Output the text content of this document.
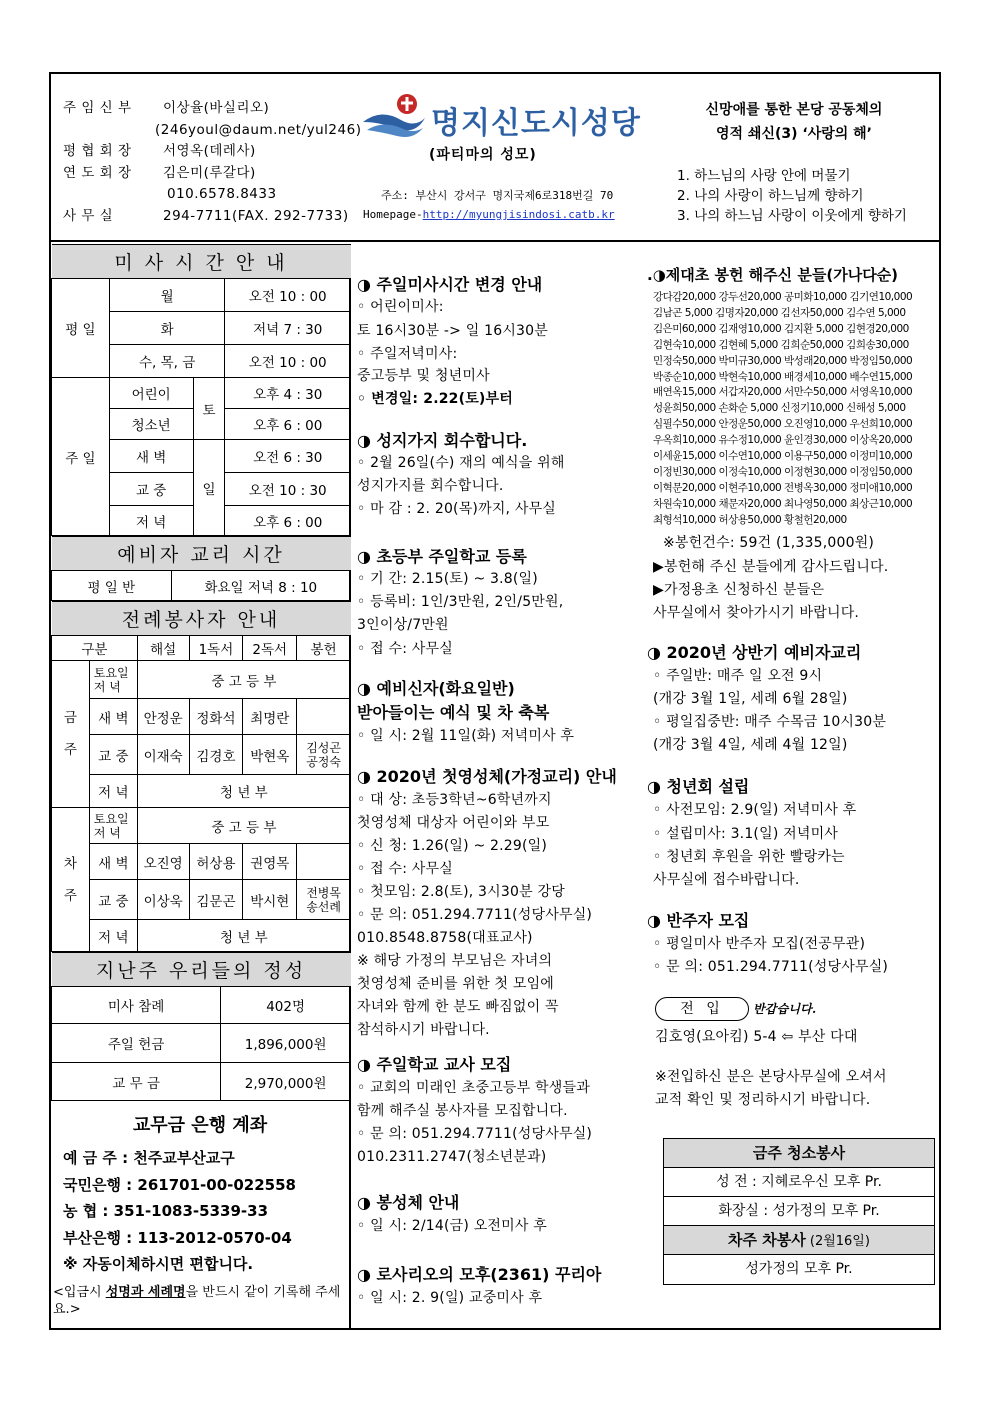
주 임 신 부 이상율(바실리오)
(246youl@daum.net/yul246)
평 협 회 장 서영옥(데레사)
연 도 회 장 김은미(루갈다)
010.6578.8433
사 무 실	294-7711(FAX. 292-7733)
명지신도시성당
(파티마의 성모)
주소: 부산시 강서구 명지국제6로318번길 70
Homepage-http://myungjisindosi.catb.kr
신망애를 통한 본당 공동체의
영적 쇄신(3) ‘사랑의 해’
1. 하느님의 사랑 안에 머물기
2. 나의 사랑이 하느님께 향하기
3. 나의 하느님 사랑이 이웃에게 향하기
미 사 시 간 안 내			
평 일	월		오전 10 : 00
	화		저녁 7 : 30
	수, 목, 금		오전 10 : 00
주 일	어린이	토	오후 4 : 30
	청소년		오후 6 : 00
	새 벽	일	오전 6 : 30
	교 중		오전 10 : 30
	저 녁		오후 6 : 00
예비자 교리 시간
평 일 반	화요일 저녁 8 : 10
전례봉사자 안내					
구분		해설	1독서	2독서	봉헌
금

주	토요일
저 녁	중 고 등 부			
	새 벽	안정운	정화석	최명란	
	교 중	이재숙	김경호	박현옥	김성곤
공정숙
	저 녁	청 년 부			
차

주	토요일
저 녁	중 고 등 부			
	새 벽	오진영	허상용	권영목	
	교 중	이상욱	김문곤	박시현	전병목
송선례
	저 녁	청 년 부			
지난주 우리들의 정성	
미사 참례	402명
주일 헌금	1,896,000원
교 무 금	2,970,000원
교무금 은행 계좌
예 금 주 : 천주교부산교구
국민은행 : 261701-00-022558
농 협 : 351-1083-5339-33
부산은행 : 113-2012-0570-04
※ 자동이체하시면 편합니다.
<입금시 성명과 세례명을 반드시 같이 기록해 주세요.>
◑ 주일미사시간 변경 안내
◦ 어린이미사:
토 16시30분 -> 일 16시30분
◦ 주일저녁미사:
중고등부 및 청년미사
◦ 변경일: 2.22(토)부터
◑ 성지가지 회수합니다.
◦ 2월 26일(수) 재의 예식을 위해
성지가지를 회수합니다.
◦ 마 감 : 2. 20(목)까지, 사무실
◑ 초등부 주일학교 등록
◦ 기 간: 2.15(토) ~ 3.8(일)
◦ 등록비: 1인/3만원, 2인/5만원,
3인이상/7만원
◦ 접 수: 사무실
◑ 예비신자(화요일반)
받아들이는 예식 및 차 축복
◦ 일 시: 2월 11일(화) 저녁미사 후
◑ 2020년 첫영성체(가정교리) 안내
◦ 대 상: 초등3학년~6학년까지
첫영성체 대상자 어린이와 부모
◦ 신 청: 1.26(일) ~ 2.29(일)
◦ 접 수: 사무실
◦ 첫모임: 2.8(토), 3시30분 강당
◦ 문 의: 051.294.7711(성당사무실)
010.8548.8758(대표교사)
※ 해당 가정의 부모님은 자녀의
첫영성체 준비를 위한 첫 모임에
자녀와 함께 한 분도 빠짐없이 꼭
참석하시기 바랍니다.
◑ 주일학교 교사 모집
◦ 교회의 미래인 초중고등부 학생들과
함께 해주실 봉사자를 모집합니다.
◦ 문 의: 051.294.7711(성당사무실)
010.2311.2747(청소년분과)
◑ 봉성체 안내
◦ 일 시: 2/14(금) 오전미사 후
◑ 로사리오의 모후(2361) 꾸리아
◦ 일 시: 2. 9(일) 교중미사 후
.◑제대초 봉헌 해주신 분들(가나다순)
강다감20,000 강두선20,000 공미화10,000 김기연10,000
김남곤 5,000 김명자20,000 김선자50,000 김수연 5,000
김은미60,000 김재영10,000 김지환 5,000 김현경20,000
김현숙10,000 김현혜 5,000 김희순50,000 김희송30,000
민정숙50,000 박미규30,000 박성래20,000 박정임50,000
박종순10,000 박현숙10,000 배경세10,000 배수연15,000
배연옥15,000 서갑자20,000 서만수50,000 서영옥10,000
성윤희50,000 손화순 5,000 신정기10,000 신해성 5,000
심필수50,000 안정운50,000 오진영10,000 우선희10,000
우옥희10,000 유수정10,000 윤인경30,000 이상옥20,000
이세윤15,000 이수연10,000 이용구50,000 이정미10,000
이정빈30,000 이정숙10,000 이정현30,000 이정임50,000
이혁문20,000 이현주10,000 전병옥30,000 정미애10,000
차원숙10,000 채문자20,000 최나영50,000 최상근10,000
최형석10,000 허상용50,000 황철헌20,000
※봉헌건수: 59건 (1,335,000원)
▶봉헌해 주신 분들에게 감사드립니다.
▶가정용초 신청하신 분들은
사무실에서 찾아가시기 바랍니다.
◑ 2020년 상반기 예비자교리
◦ 주일반: 매주 일 오전 9시
(개강 3월 1일, 세례 6월 28일)
◦ 평일집중반: 매주 수목금 10시30분
(개강 3월 4일, 세례 4월 12일)
◑ 청년회 설립
◦ 사전모임: 2.9(일) 저녁미사 후
◦ 설립미사: 3.1(일) 저녁미사
◦ 청년회 후원을 위한 빨랑카는
사무실에 접수바랍니다.
◑ 반주자 모집
◦ 평일미사 반주자 모집(전공무관)
◦ 문 의: 051.294.7711(성당사무실)
전 입	반갑습니다.
김호영(요아킴) 5-4 ⇦ 부산 다대
※전입하신 분은 본당사무실에 오셔서
교적 확인 및 정리하시기 바랍니다.
금주 청소봉사
성 전 : 지혜로우신 모후 Pr.
화장실 : 성가정의 모후 Pr.
차주 차봉사 (2월16일)
성가정의 모후 Pr.
